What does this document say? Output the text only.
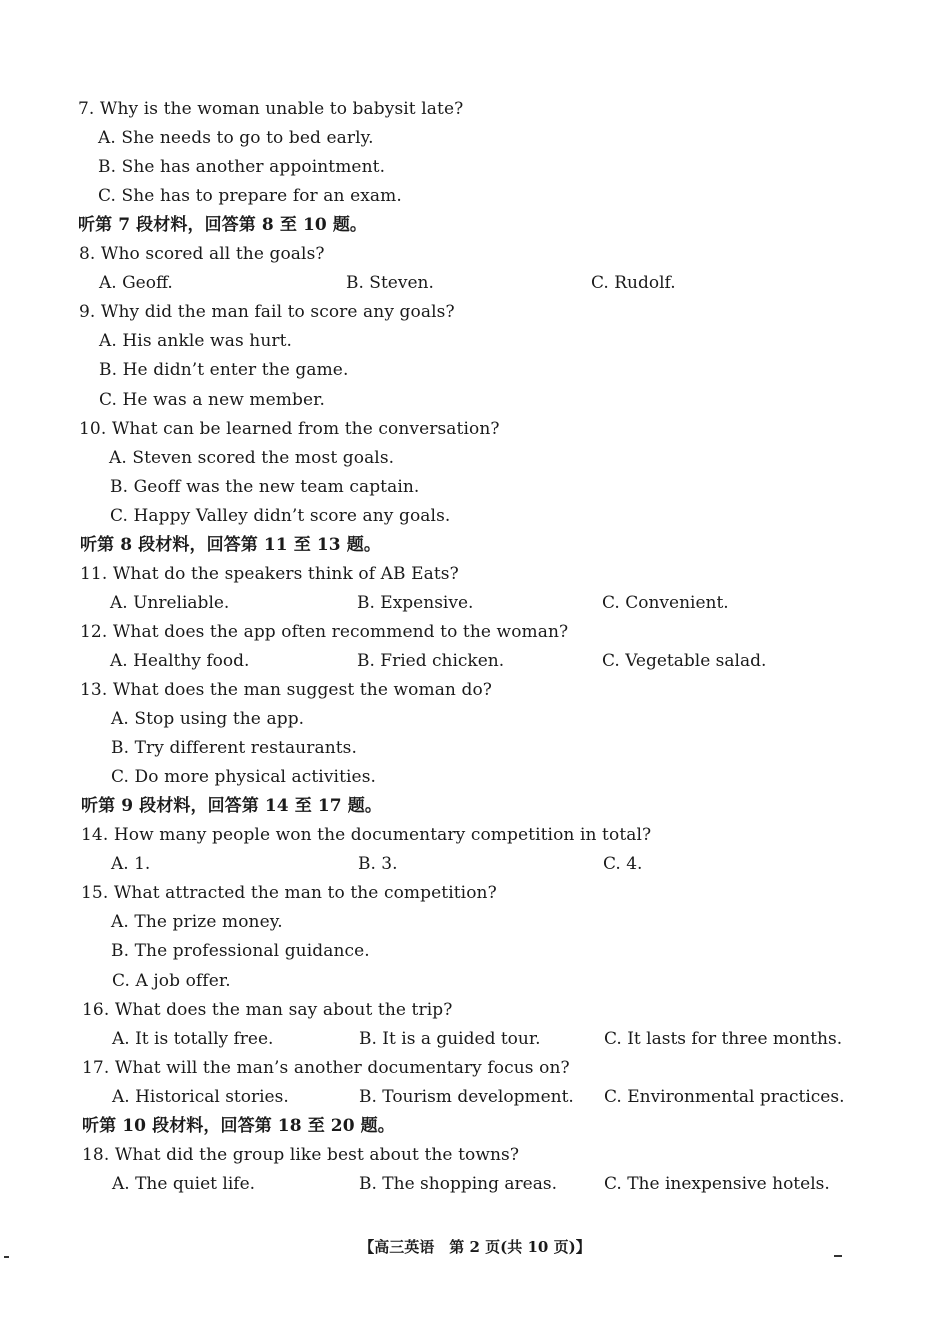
7. Why is the woman unable to babysit late?
A. She needs to go to bed early.
B. She has another appointment.
C. She has to prepare for an exam.
听第 7 段材料，回答第 8 至 10 题。
8. Who scored all the goals?
A. Geoff.	B. Steven.	C. Rudolf.
9. Why did the man fail to score any goals?
A. His ankle was hurt.
B. He didn’t enter the game.
C. He was a new member.
10. What can be learned from the conversation?
A. Steven scored the most goals.
B. Geoff was the new team captain.
C. Happy Valley didn’t score any goals.
听第 8 段材料，回答第 11 至 13 题。
11. What do the speakers think of AB Eats?
A. Unreliable.	B. Expensive.	C. Convenient.
12. What does the app often recommend to the woman?
A. Healthy food.	B. Fried chicken.	C. Vegetable salad.
13. What does the man suggest the woman do?
A. Stop using the app.
B. Try different restaurants.
C. Do more physical activities.
听第 9 段材料，回答第 14 至 17 题。
14. How many people won the documentary competition in total?
A. 1.	B. 3.	C. 4.
15. What attracted the man to the competition?
A. The prize money.
B. The professional guidance.
C. A job offer.
16. What does the man say about the trip?
A. It is totally free.	B. It is a guided tour.	C. It lasts for three months.
17. What will the man’s another documentary focus on?
A. Historical stories.	B. Tourism development. C. Environmental practices.
听第 10 段材料，回答第 18 至 20 题。
18. What did the group like best about the towns?
A. The quiet life.	B. The shopping areas.	C. The inexpensive hotels.
【高三英语　第 2 页(共 10 页)】
